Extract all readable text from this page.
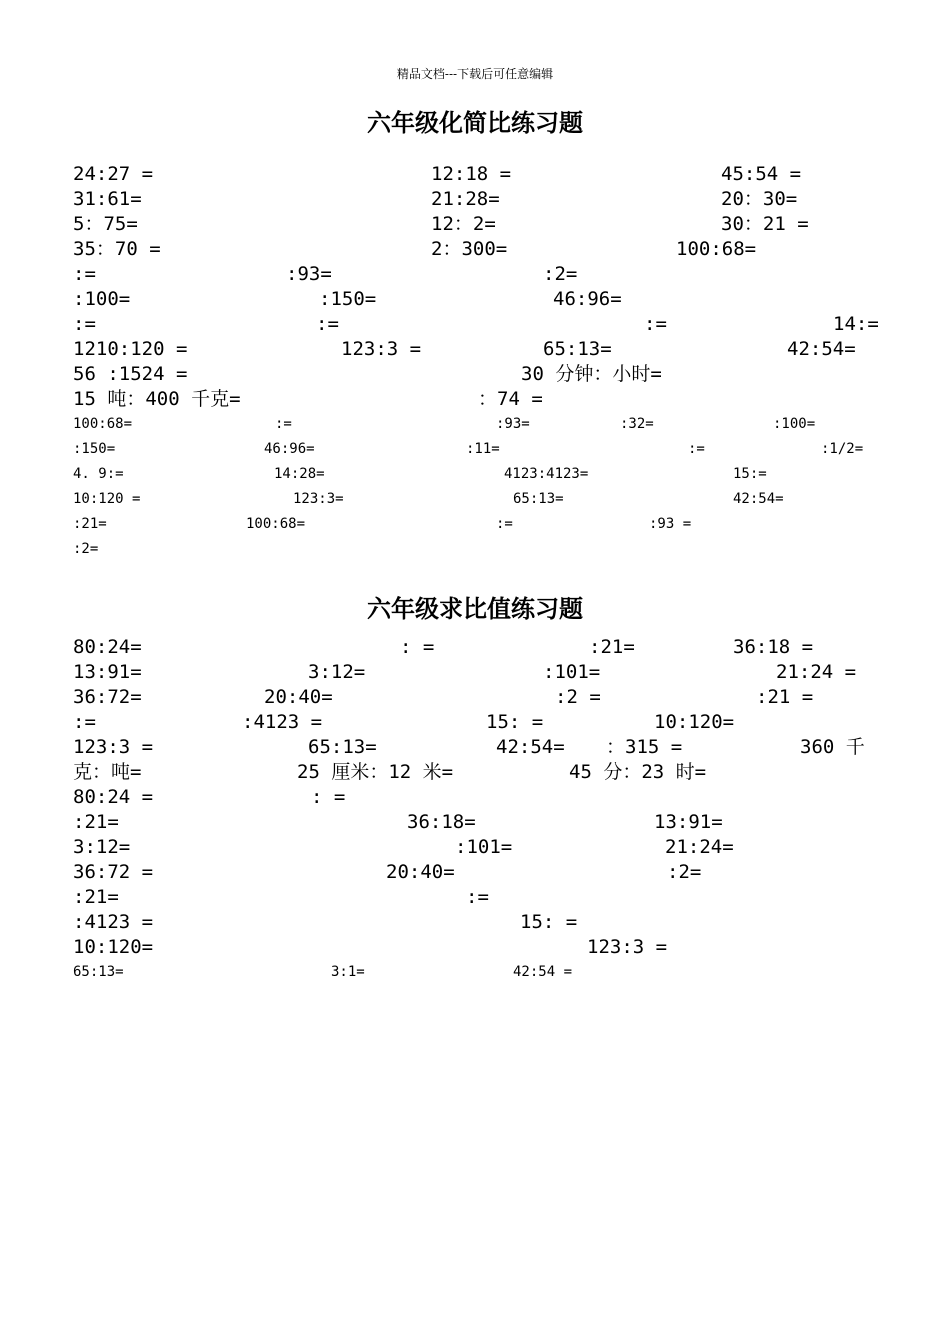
精品文档---下载后可任意编辑
六年级化简比练习题
24:27 =	12:18 =	45:54 =
31:61=	21:28=	20：30=
5：75=	12：2=	30：21 =
35：70 =	2：300=	100:68=
:=	:93=	:2=
:100=	:150=	46:96=
:=	:=	:=	14:=
1210:120 =	123:3 =	65:13=	42:54=
56 :1524 =	30 分钟：小时=
15 吨：400 千克=	：74 =
100:68=	:=	:93=	:32=	:100=
:150=	46:96=	:11=	:=	:1/2=
4. 9:=	14:28=	4123:4123=	15:=
10:120 =	123:3=	65:13=	42:54=
:21=	100:68=	:=	:93 =
:2=
六年级求比值练习题
80:24=	: =	:21=	36:18 =
13:91=	3:12=	:101=	21:24 =
36:72=	20:40=	:2 =	:21 =
:=	:4123 =	15: =	10:120=
123:3 =	65:13=	42:54= ：315 =	360 千
克：吨=	25 厘米：12 米=	45 分：23 时=
80:24 =	: =
:21=	36:18=	13:91=
3:12=	:101=	21:24=
36:72 =	20:40=	:2=
:21=	:=
:4123 =	15: =
10:120=	123:3 =
65:13=	3:1=	42:54 =
